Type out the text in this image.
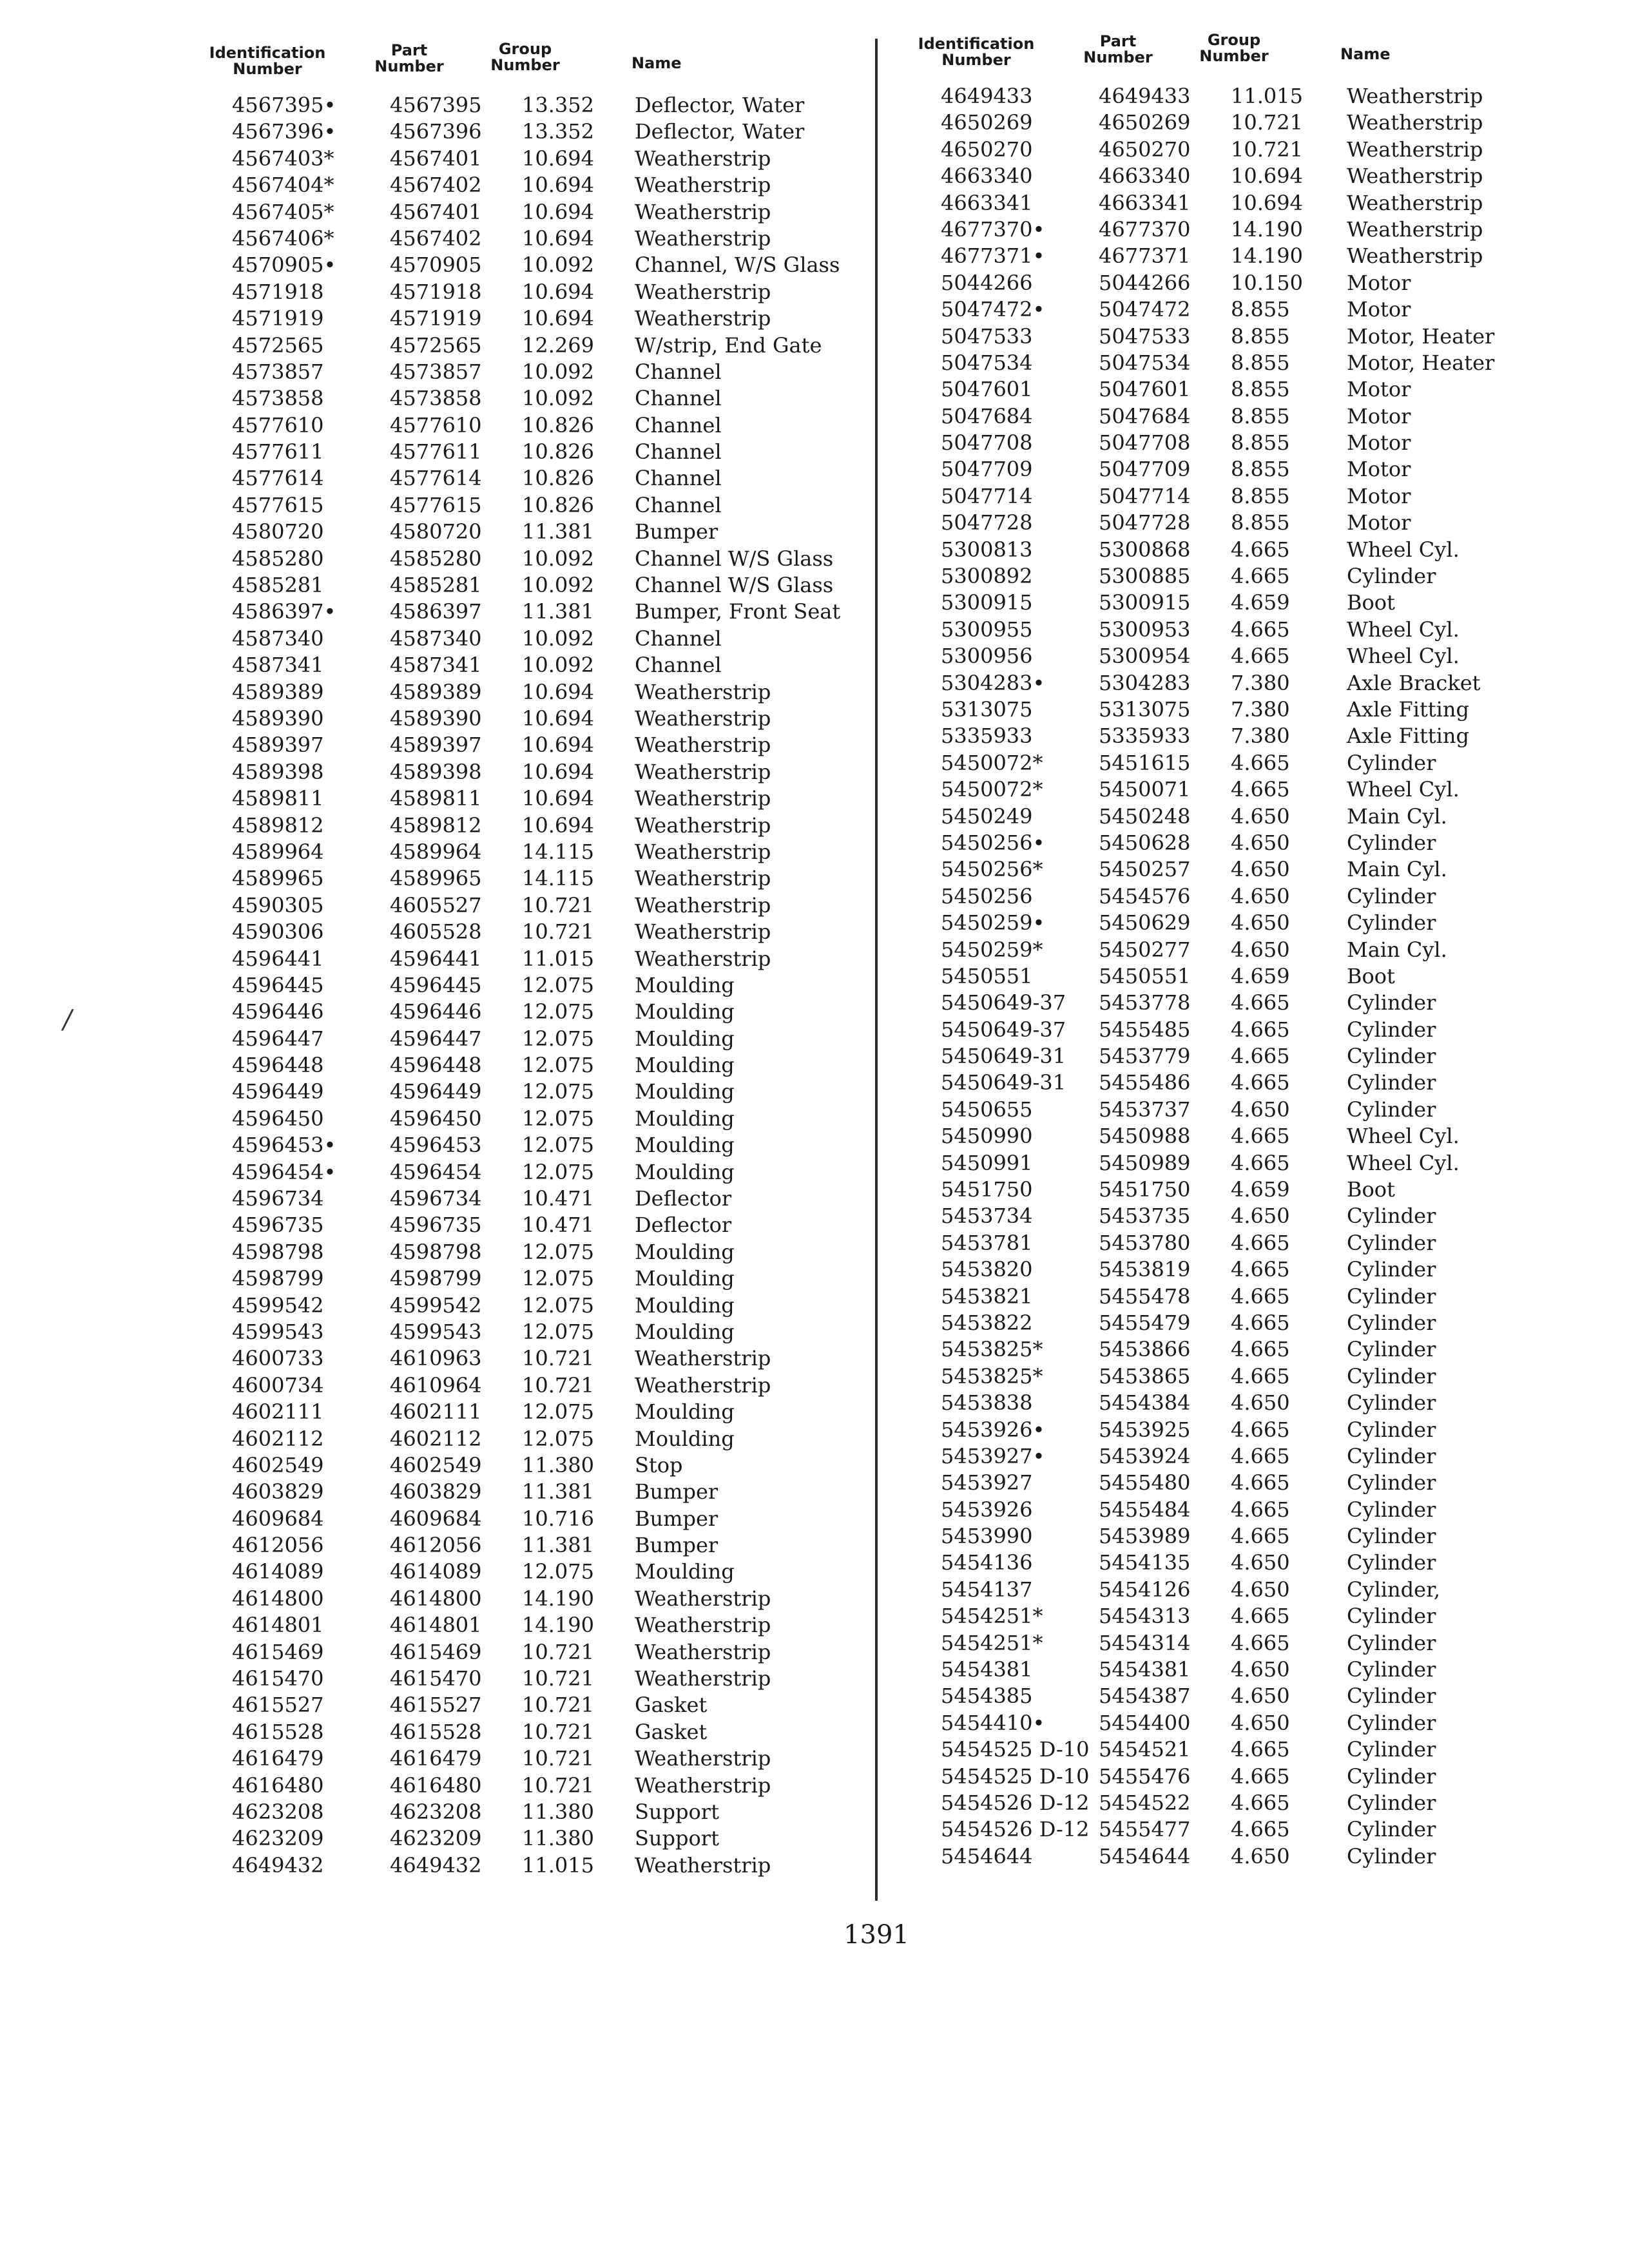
Identification Number
Part Number
Group Number	Name
4567395•	4567395 13.352 Deflector, Water
4567396•	4567396 13.352 Deflector, Water
4567403*	4567401 10.694 Weatherstrip
4567404*	4567402 10.694 Weatherstrip
4567405*	4567401 10.694 Weatherstrip
4567406*	4567402 10.694 Weatherstrip
4570905•	4570905 10.092 Channel, W/S Glass
4571918	4571918 10.694 Weatherstrip
4571919	4571919 10.694 Weatherstrip
4572565	4572565 12.269 W/strip, End Gate
4573857	4573857 10.092 Channel
4573858	4573858 10.092 Channel
4577610	4577610 10.826 Channel
4577611	4577611 10.826 Channel
4577614	4577614 10.826 Channel
4577615	4577615 10.826 Channel
4580720	4580720 11.381 Bumper
4585280	4585280 10.092 Channel W/S Glass
4585281	4585281 10.092 Channel W/S Glass
4586397•	4586397 11.381 Bumper, Front Seat
4587340	4587340 10.092 Channel
4587341	4587341 10.092 Channel
4589389	4589389 10.694 Weatherstrip
4589390	4589390 10.694 Weatherstrip
4589397	4589397 10.694 Weatherstrip
4589398	4589398 10.694 Weatherstrip
4589811	4589811 10.694 Weatherstrip
4589812	4589812 10.694 Weatherstrip
4589964	4589964 14.115 Weatherstrip
4589965	4589965 14.115 Weatherstrip
4590305	4605527 10.721 Weatherstrip
4590306	4605528 10.721 Weatherstrip
4596441	4596441 11.015 Weatherstrip
4596445	4596445 12.075 Moulding
4596446	4596446 12.075 Moulding
4596447	4596447 12.075 Moulding
4596448	4596448 12.075 Moulding
4596449	4596449 12.075 Moulding
4596450	4596450 12.075 Moulding
4596453•	4596453 12.075 Moulding
4596454•	4596454 12.075 Moulding
4596734	4596734 10.471 Deflector
4596735	4596735 10.471 Deflector
4598798	4598798 12.075 Moulding
4598799	4598799 12.075 Moulding
4599542	4599542 12.075 Moulding
4599543	4599543 12.075 Moulding
4600733	4610963 10.721 Weatherstrip
4600734	4610964 10.721 Weatherstrip
4602111	4602111 12.075 Moulding
4602112	4602112 12.075 Moulding
4602549	4602549 11.380 Stop
4603829	4603829 11.381 Bumper
4609684	4609684 10.716 Bumper
4612056	4612056 11.381 Bumper
4614089	4614089 12.075 Moulding
4614800	4614800 14.190 Weatherstrip
4614801	4614801 14.190 Weatherstrip
4615469	4615469 10.721 Weatherstrip
4615470	4615470 10.721 Weatherstrip
4615527	4615527 10.721 Gasket
4615528	4615528 10.721 Gasket
4616479	4616479 10.721 Weatherstrip
4616480	4616480 10.721 Weatherstrip
4623208	4623208 11.380 Support
4623209	4623209 11.380 Support
4649432	4649432 11.015 Weatherstrip
Identification Number
Part Number
Group Number	Name
4649433	4649433 11.015 Weatherstrip
4650269	4650269 10.721 Weatherstrip
4650270	4650270 10.721 Weatherstrip
4663340	4663340 10.694 Weatherstrip
4663341	4663341 10.694 Weatherstrip
4677370•	4677370 14.190 Weatherstrip
4677371•	4677371 14.190 Weatherstrip
5044266	5044266 10.150 Motor
5047472•	5047472 8.855	Motor
5047533	5047533 8.855	Motor, Heater
5047534	5047534 8.855	Motor, Heater
5047601	5047601 8.855	Motor
5047684	5047684 8.855	Motor
5047708	5047708 8.855	Motor
5047709	5047709 8.855	Motor
5047714	5047714 8.855	Motor
5047728	5047728 8.855	Motor
5300813	5300868 4.665	Wheel Cyl.
5300892	5300885 4.665	Cylinder
5300915	5300915 4.659	Boot
5300955	5300953 4.665	Wheel Cyl.
5300956	5300954 4.665	Wheel Cyl.
5304283•	5304283 7.380	Axle Bracket
5313075	5313075 7.380	Axle Fitting
5335933	5335933 7.380	Axle Fitting
5450072*	5451615 4.665	Cylinder
5450072*	5450071 4.665	Wheel Cyl.
5450249	5450248 4.650	Main Cyl.
5450256•	5450628 4.650	Cylinder
5450256*	5450257 4.650	Main Cyl.
5450256	5454576 4.650	Cylinder
5450259•	5450629 4.650	Cylinder
5450259*	5450277 4.650	Main Cyl.
5450551	5450551 4.659	Boot
5450649-37 5453778 4.665	Cylinder
5450649-37 5455485 4.665	Cylinder
5450649-31 5453779 4.665	Cylinder
5450649-31 5455486 4.665	Cylinder
5450655	5453737 4.650	Cylinder
5450990	5450988 4.665	Wheel Cyl.
5450991	5450989 4.665	Wheel Cyl.
5451750	5451750 4.659	Boot
5453734	5453735 4.650	Cylinder
5453781	5453780 4.665	Cylinder
5453820	5453819 4.665	Cylinder
5453821	5455478 4.665	Cylinder
5453822	5455479 4.665	Cylinder
5453825*	5453866 4.665	Cylinder
5453825*	5453865 4.665	Cylinder
5453838	5454384 4.650	Cylinder
5453926•	5453925 4.665	Cylinder
5453927•	5453924 4.665	Cylinder
5453927	5455480 4.665	Cylinder
5453926	5455484 4.665	Cylinder
5453990	5453989 4.665	Cylinder
5454136	5454135 4.650	Cylinder
5454137	5454126 4.650	Cylinder,
5454251*	5454313 4.665	Cylinder
5454251*	5454314 4.665	Cylinder
5454381	5454381 4.650	Cylinder
5454385	5454387 4.650	Cylinder
5454410•	5454400 4.650	Cylinder
5454525 D-10 5454521 4.665	Cylinder
5454525 D-10 5455476 4.665	Cylinder
5454526 D-12 5454522 4.665	Cylinder
5454526 D-12 5455477 4.665	Cylinder
5454644	5454644 4.650	Cylinder
/
1391
